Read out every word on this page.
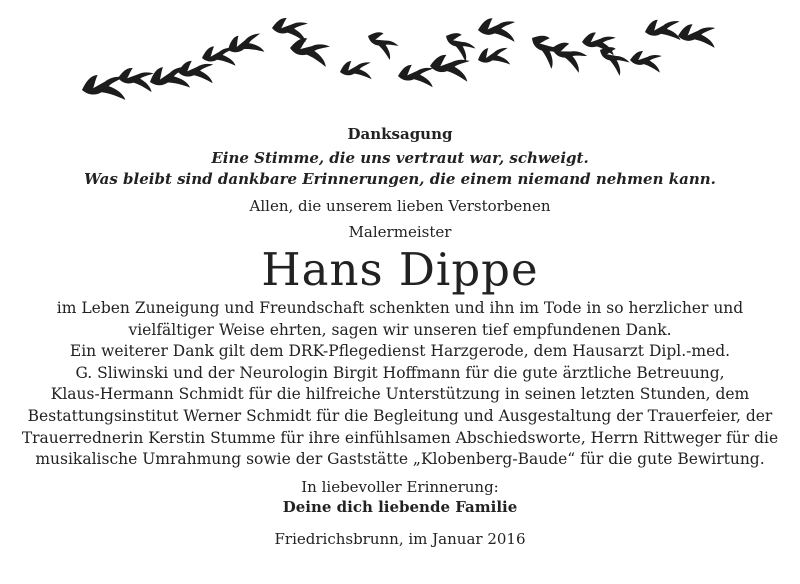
Danksagung

Eine Stimme, die uns vertraut war, schweigt.
Was bleibt sind dankbare Erinnerungen, die einem niemand nehmen kann.

Allen, die unserem lieben Verstorbenen

Malermeister

Hans Dippe

im Leben Zuneigung und Freundschaft schenkten und ihn im Tode in so herzlicher und
vielfältiger Weise ehrten, sagen wir unseren tief empfundenen Dank.
Ein weiterer Dank gilt dem DRK-Pflegedienst Harzgerode, dem Hausarzt Dipl.-med.
G. Sliwinski und der Neurologin Birgit Hoffmann für die gute ärztliche Betreuung,
Klaus-Hermann Schmidt für die hilfreiche Unterstützung in seinen letzten Stunden, dem
Bestattungsinstitut Werner Schmidt für die Begleitung und Ausgestaltung der Trauerfeier, der
Trauerrednerin Kerstin Stumme für ihre einfühlsamen Abschiedsworte, Herrn Rittweger für die
musikalische Umrahmung sowie der Gaststätte „Klobenberg-Baude“ für die gute Bewirtung.

In liebevoller Erinnerung:

Deine dich liebende Familie

Friedrichsbrunn, im Januar 2016
